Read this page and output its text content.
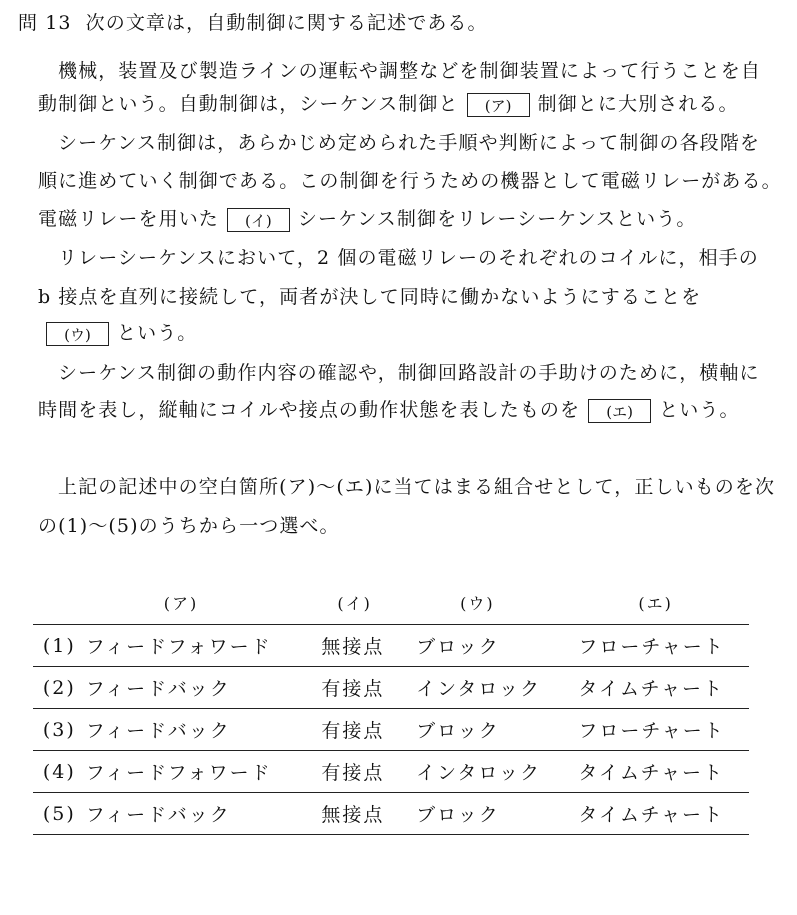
問 13 次の文章は，自動制御に関する記述である。
機械，装置及び製造ラインの運転や調整などを制御装置によって行うことを自
動制御という。自動制御は，シーケンス制御と (ア) 制御とに大別される。
シーケンス制御は，あらかじめ定められた手順や判断によって制御の各段階を
順に進めていく制御である。この制御を行うための機器として電磁リレーがある。
電磁リレーを用いた (イ) シーケンス制御をリレーシーケンスという。
リレーシーケンスにおいて，2 個の電磁リレーのそれぞれのコイルに，相手の
b 接点を直列に接続して，両者が決して同時に働かないようにすることを
(ウ) という。
シーケンス制御の動作内容の確認や，制御回路設計の手助けのために，横軸に
時間を表し，縦軸にコイルや接点の動作状態を表したものを (エ) という。
上記の記述中の空白箇所(ア)～(エ)に当てはまる組合せとして，正しいものを次
の(1)～(5)のうちから一つ選べ。
	(ア)	(イ)	(ウ)	(エ)
(1)	フィードフォワード	無接点	ブロック	フローチャート
(2)	フィードバック	有接点	インタロック	タイムチャート
(3)	フィードバック	有接点	ブロック	フローチャート
(4)	フィードフォワード	有接点	インタロック	タイムチャート
(5)	フィードバック	無接点	ブロック	タイムチャート
